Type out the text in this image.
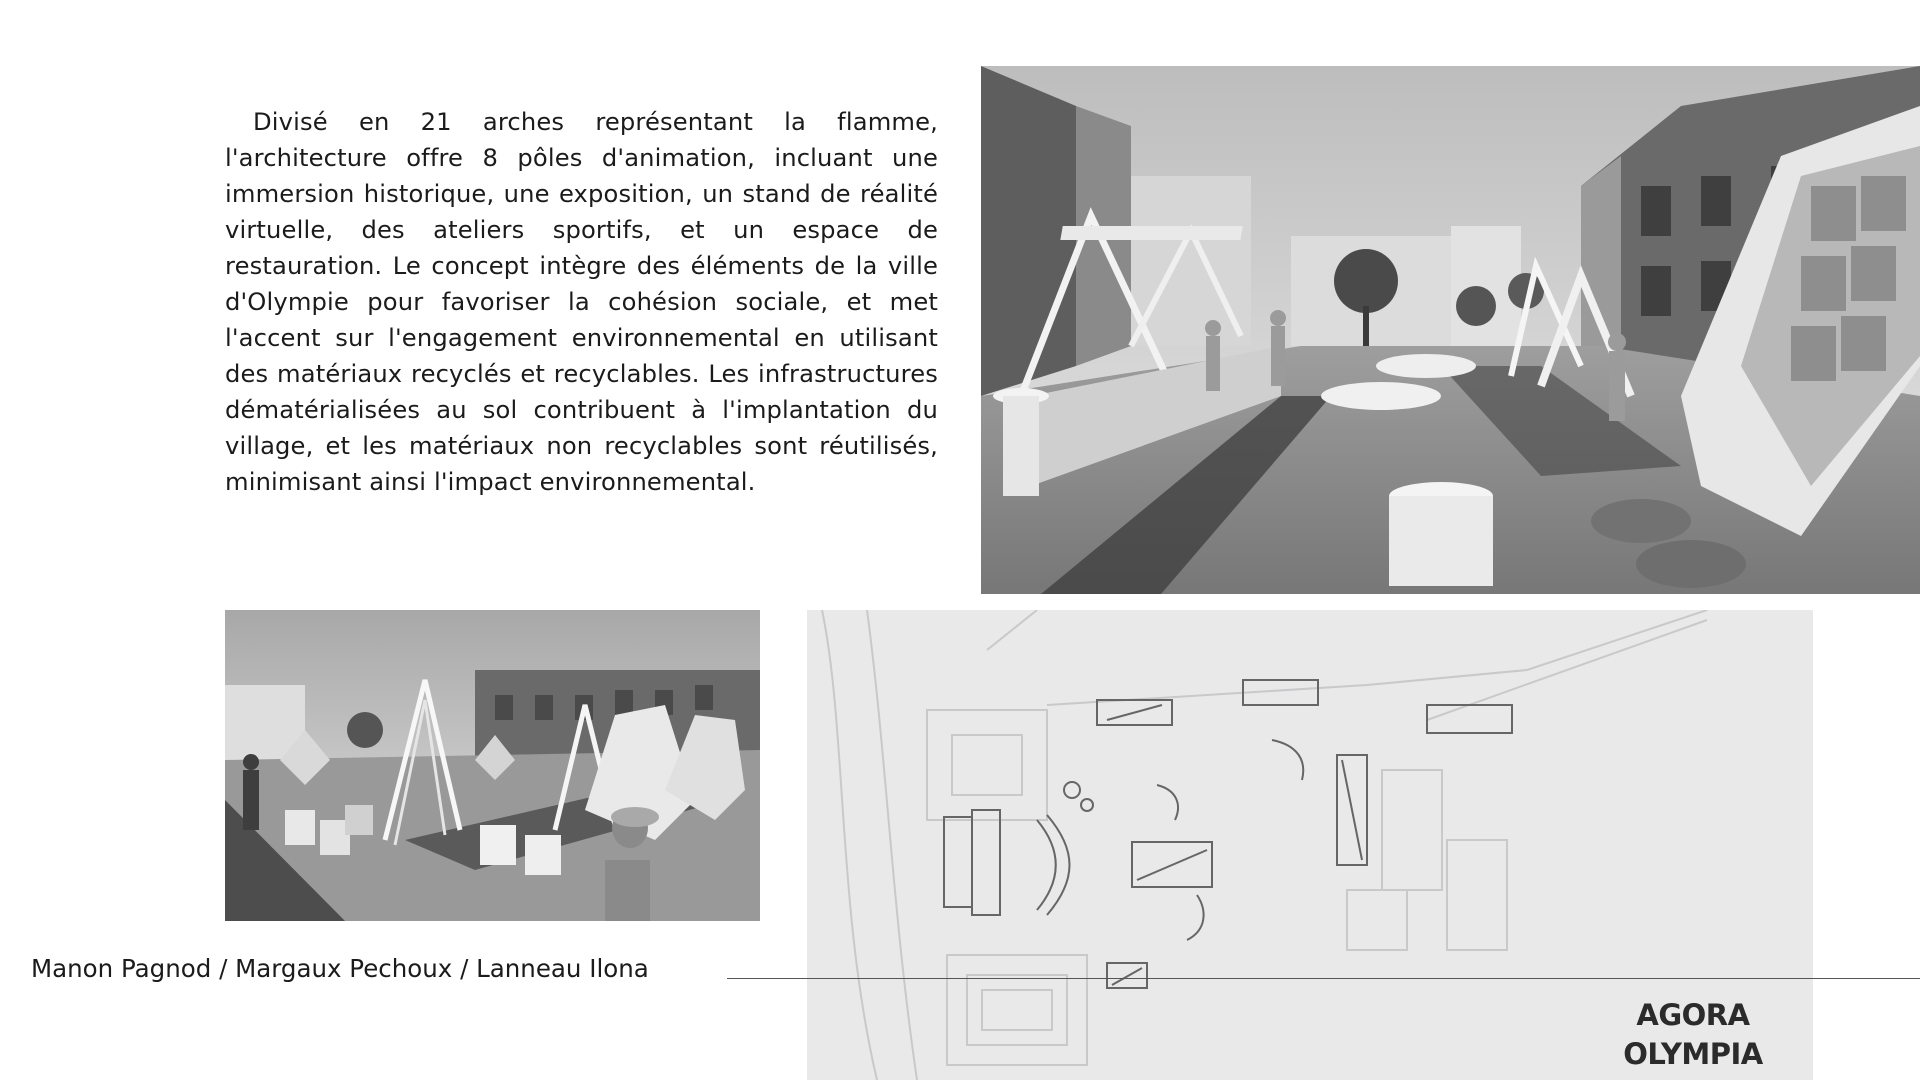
Divisé en 21 arches représentant la flamme, l'architecture offre 8 pôles d'animation, incluant une immersion historique, une exposition, un stand de réalité virtuelle, des ateliers sportifs, et un espace de restauration. Le concept intègre des éléments de la ville d'Olympie pour favoriser la cohésion sociale, et met l'accent sur l'engagement environnemental en utilisant des matériaux recyclés et recyclables. Les infrastructures dématérialisées au sol contribuent à l'implantation du village, et les matériaux non recyclables sont réutilisés, minimisant ainsi l'impact environnemental.

Manon Pagnod / Margaux Pechoux / Lanneau Ilona
AGORA
OLYMPIA
